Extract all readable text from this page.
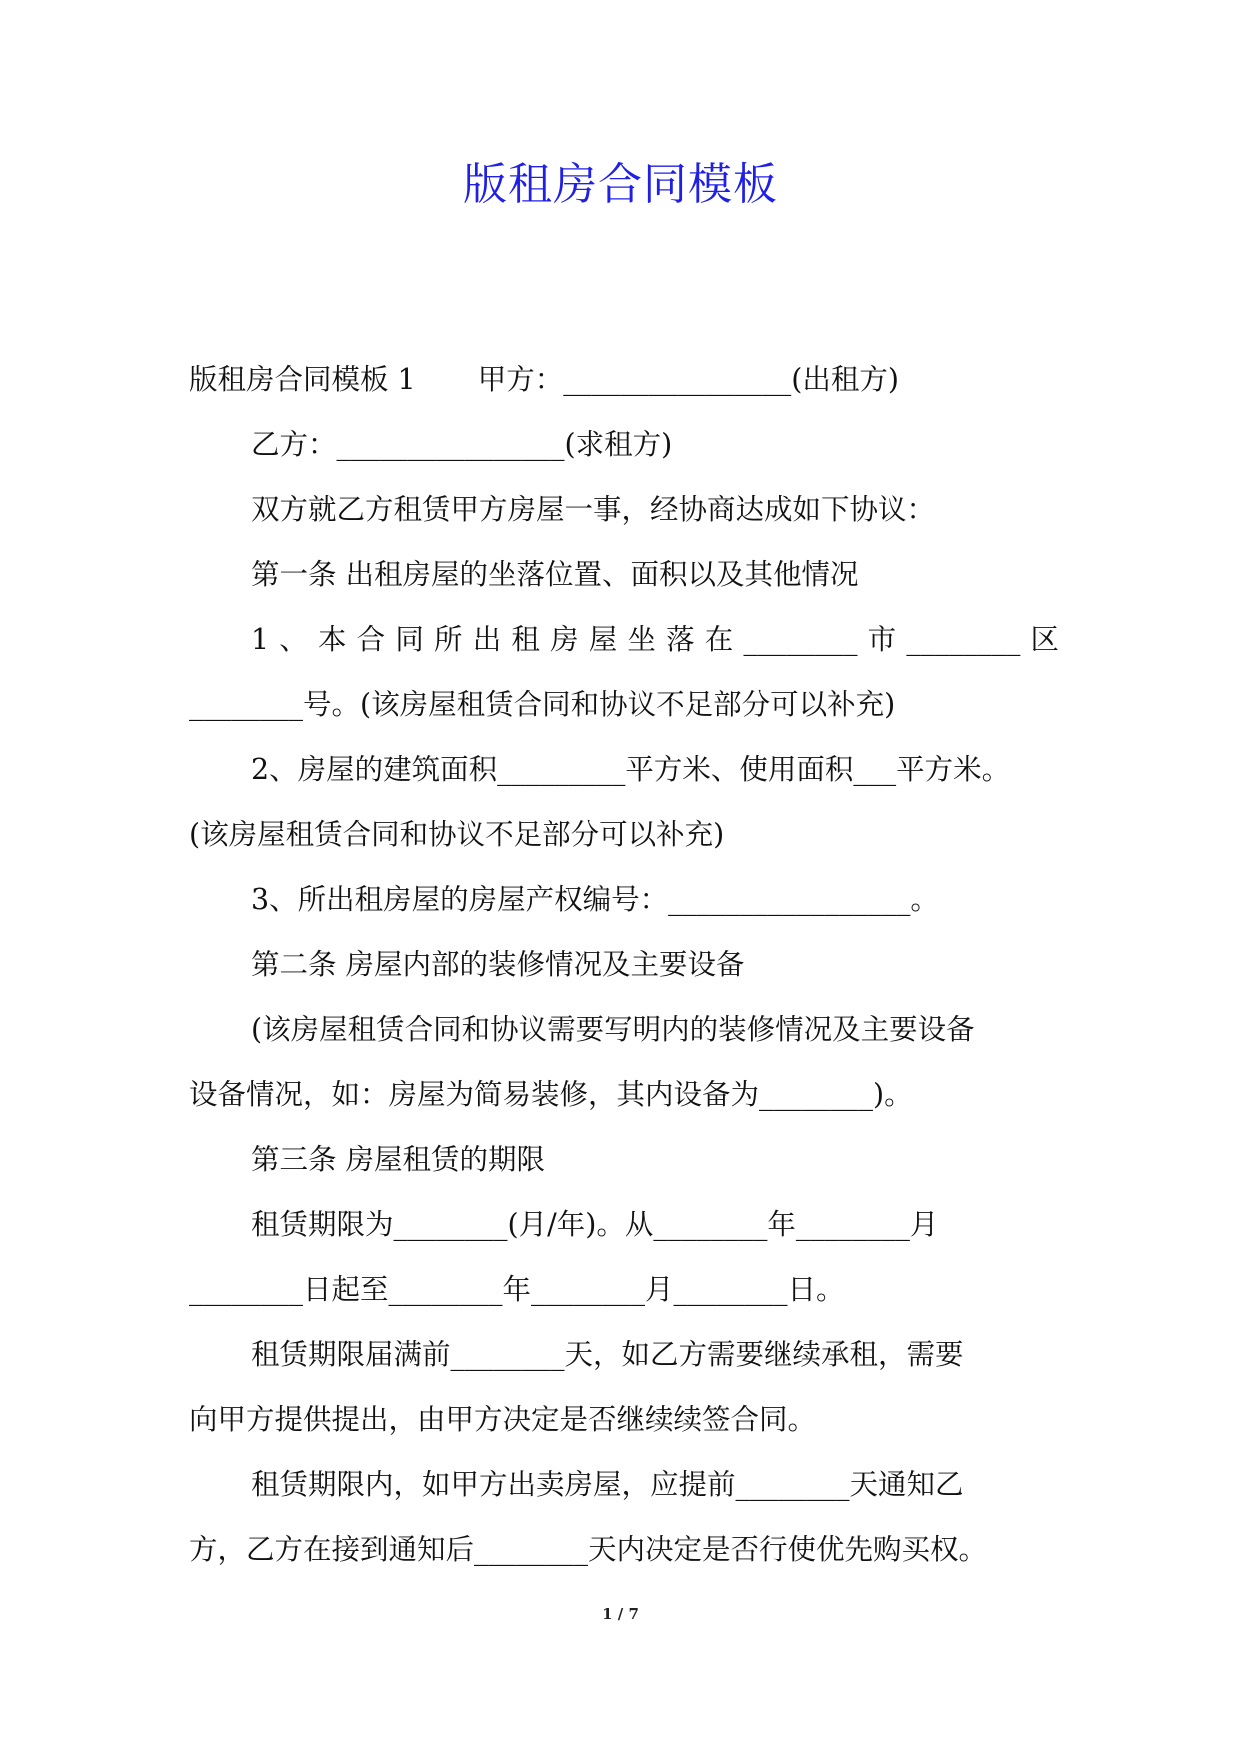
版租房合同模板

版租房合同模板 1 甲方：________________(出租方)

乙方：________________(求租方)

双方就乙方租赁甲方房屋一事，经协商达成如下协议：

第一条 出租房屋的坐落位置、面积以及其他情况

1、本合同所出租房屋坐落在________市________区

________号。(该房屋租赁合同和协议不足部分可以补充)

2、房屋的建筑面积_________平方米、使用面积___平方米。

(该房屋租赁合同和协议不足部分可以补充)

3、所出租房屋的房屋产权编号：_________________。

第二条 房屋内部的装修情况及主要设备

(该房屋租赁合同和协议需要写明内的装修情况及主要设备

设备情况，如：房屋为简易装修，其内设备为________)。

第三条 房屋租赁的期限

租赁期限为________(月/年)。从________年________月

________日起至________年________月________日。

租赁期限届满前________天，如乙方需要继续承租，需要

向甲方提供提出，由甲方决定是否继续续签合同。

租赁期限内，如甲方出卖房屋，应提前________天通知乙

方，乙方在接到通知后________天内决定是否行使优先购买权。

1 / 7
